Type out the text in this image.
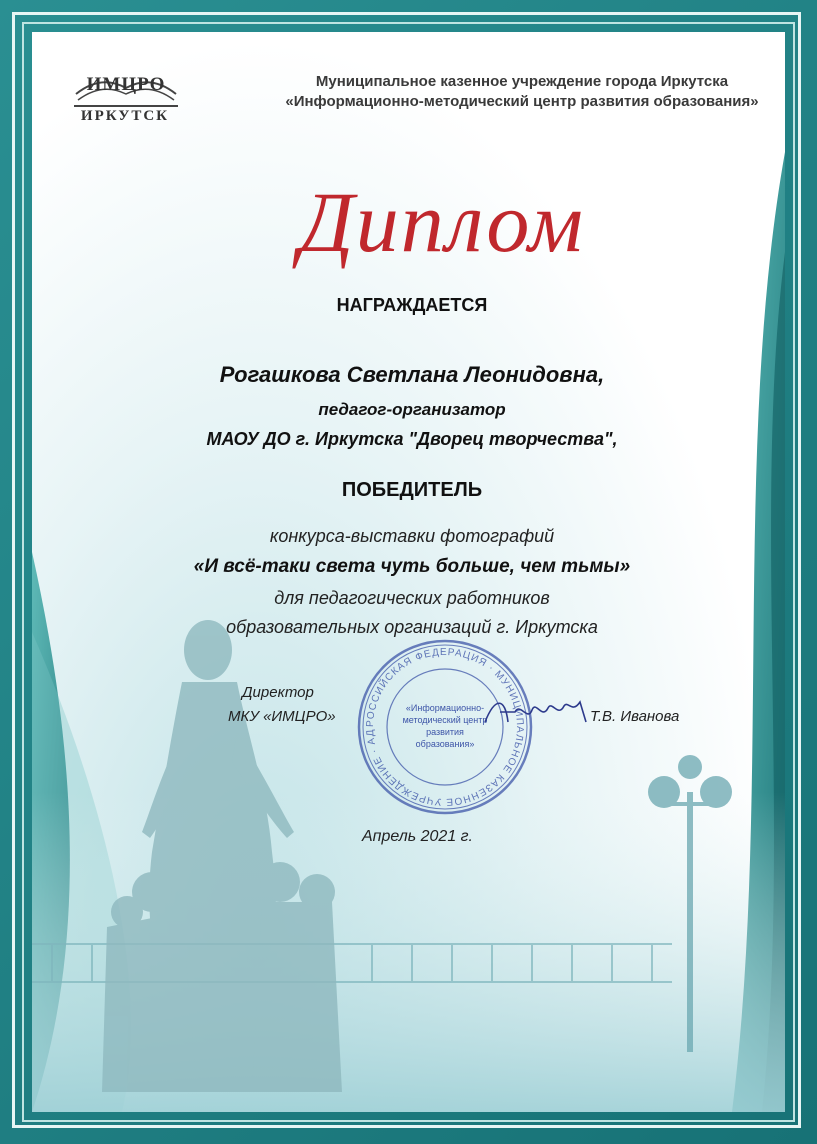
ИМЦРО
ИРКУТСК
Муниципальное казенное учреждение города Иркутска
«Информационно-методический центр развития образования»
Диплом
НАГРАЖДАЕТСЯ
Рогашкова Светлана Леонидовна,
педагог-организатор
МАОУ ДО г. Иркутска "Дворец творчества",
ПОБЕДИТЕЛЬ
конкурса-выставки фотографий
«И всё-таки света чуть больше, чем тьмы»
для педагогических работников
образовательных организаций г. Иркутска
РОССИЙСКАЯ ФЕДЕРАЦИЯ · МУНИЦИПАЛЬНОЕ КАЗЕННОЕ УЧРЕЖДЕНИЕ · АД
«Информационно-методический центр развития образования»
Директор
МКУ «ИМЦРО»	Т.В. Иванова
Апрель 2021 г.
